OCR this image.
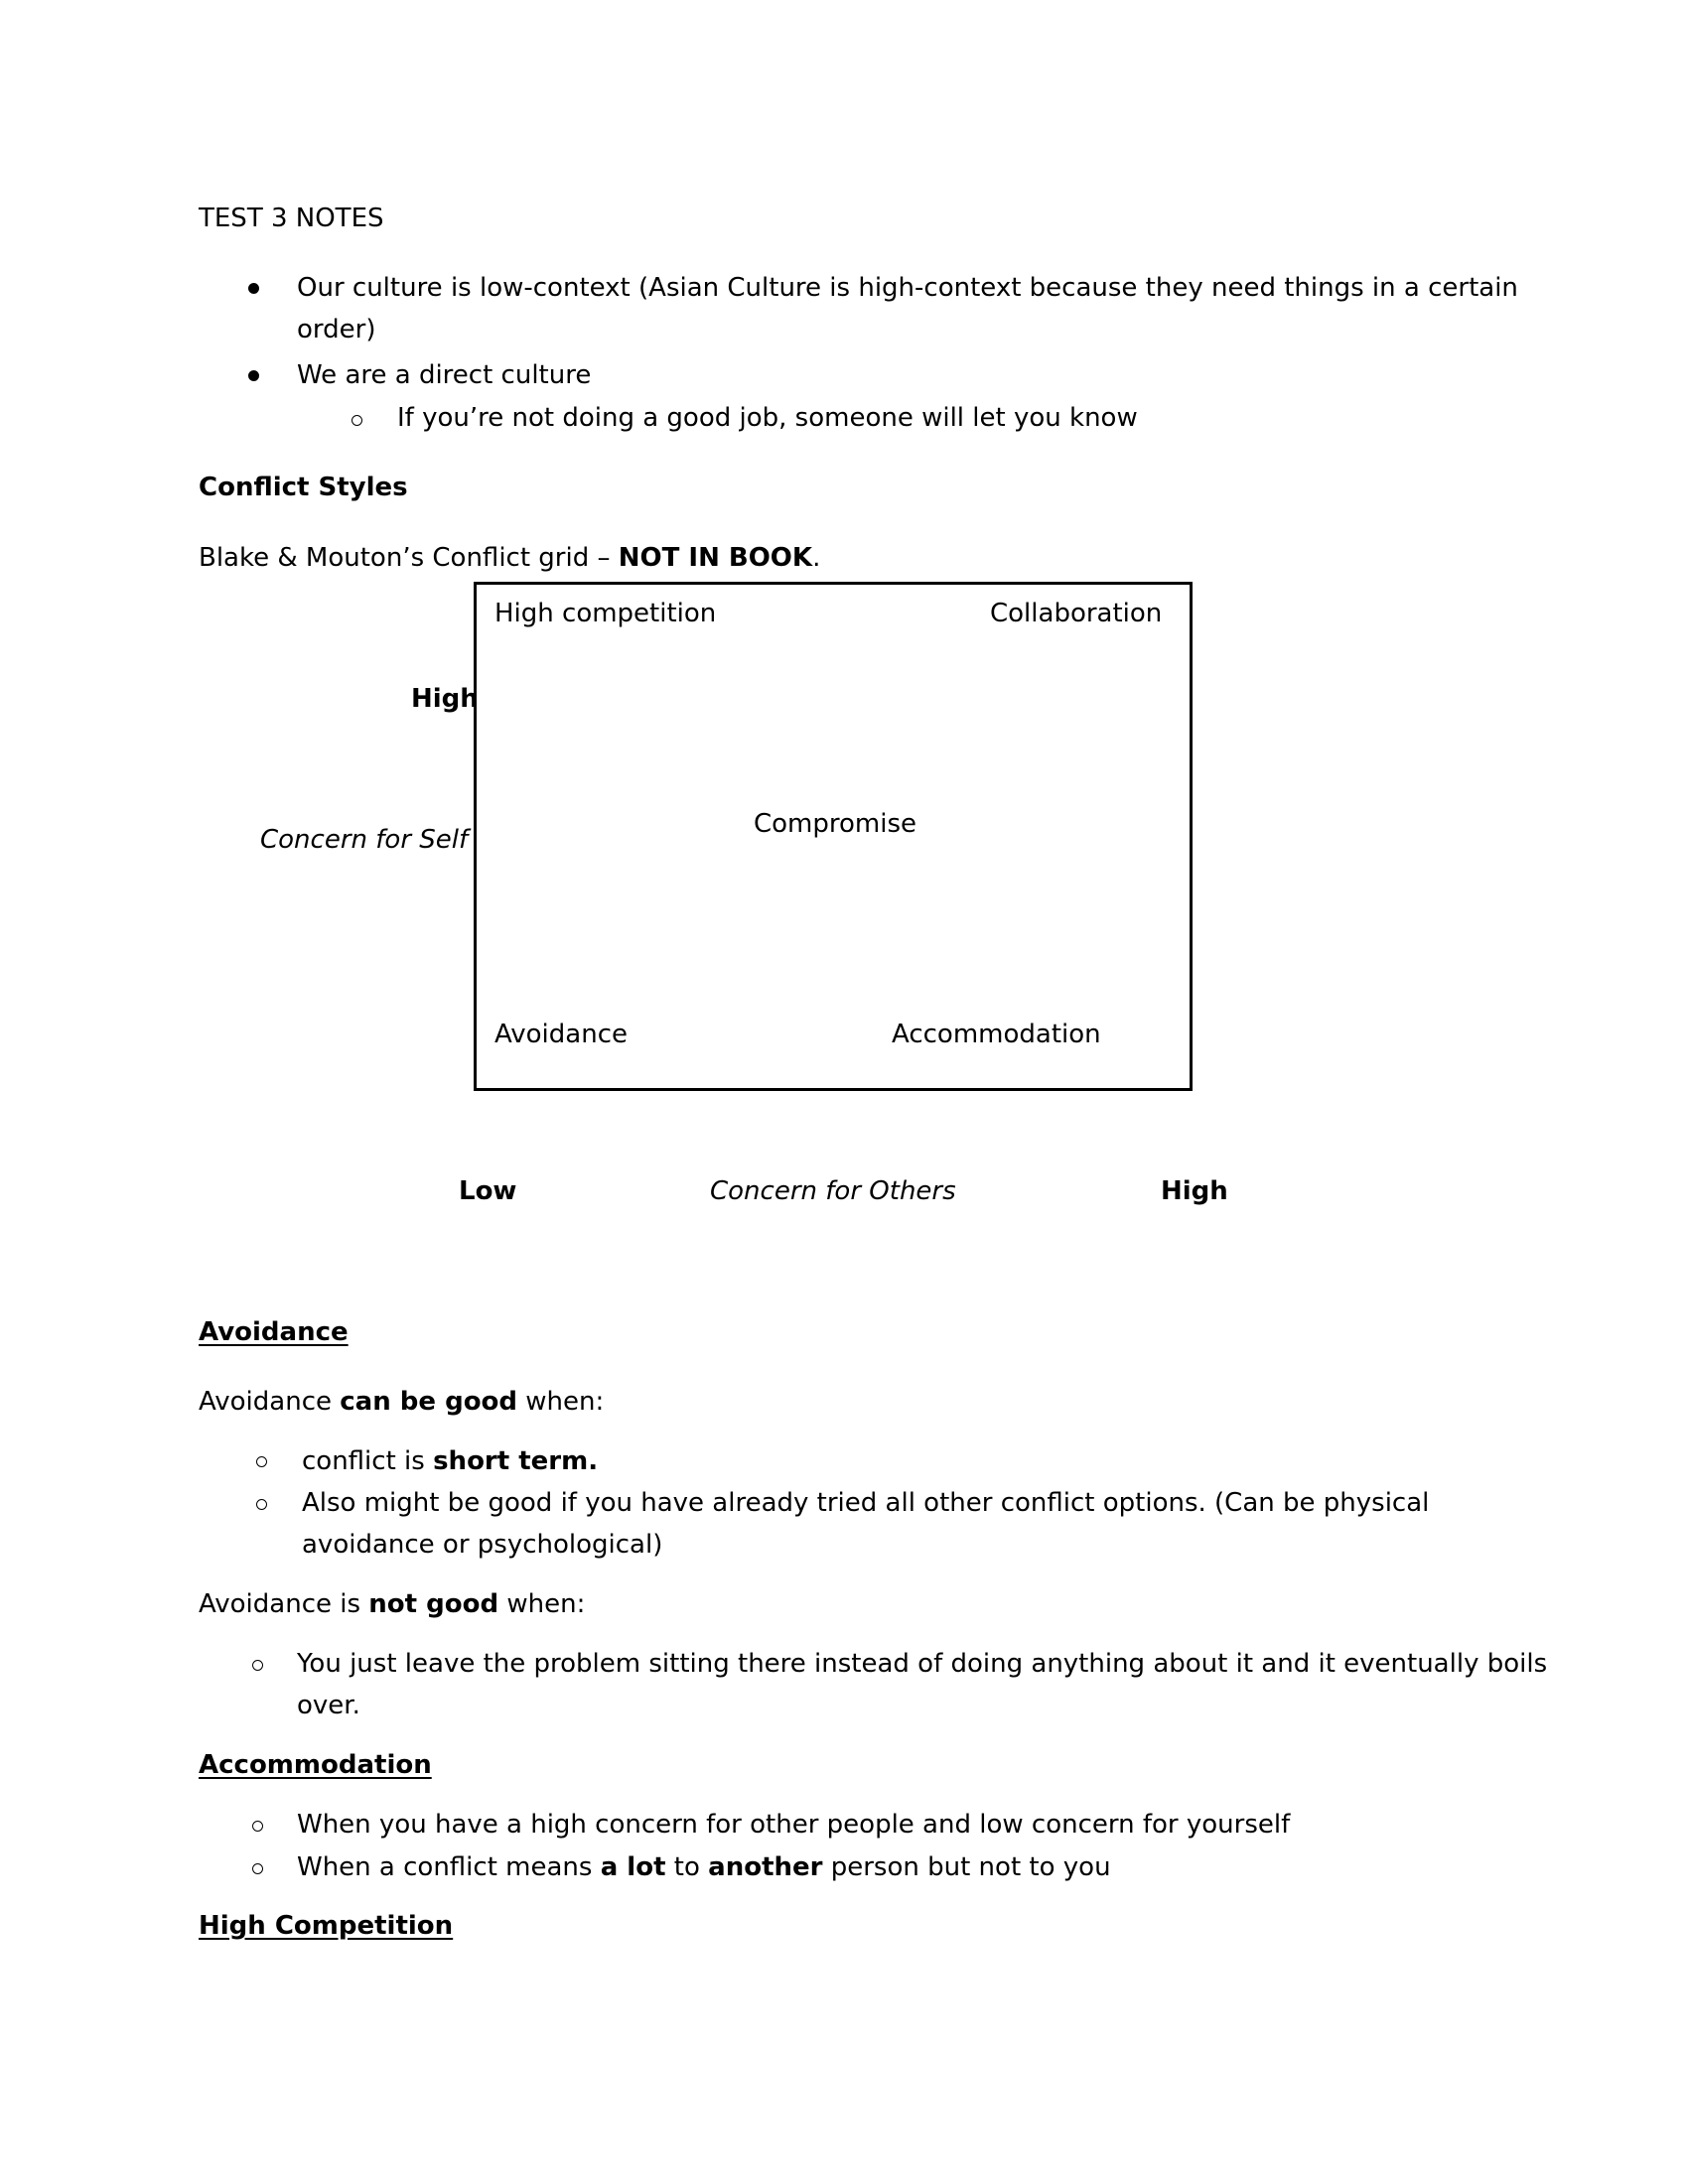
TEST 3 NOTES
Our culture is low-context (Asian Culture is high-context because they need things in a certain
order)
We are a direct culture
If you’re not doing a good job, someone will let you know
Conflict Styles
Blake & Mouton’s Conflict grid – NOT IN BOOK.
High competition	Collaboration
Compromise
Avoidance	Accommodation
High
Concern for Self
Low	Concern for Others	High
Avoidance
Avoidance can be good when:
conflict is short term.
Also might be good if you have already tried all other conflict options. (Can be physical
avoidance or psychological)
Avoidance is not good when:
You just leave the problem sitting there instead of doing anything about it and it eventually boils
over.
Accommodation
When you have a high concern for other people and low concern for yourself
When a conflict means a lot to another person but not to you
High Competition
